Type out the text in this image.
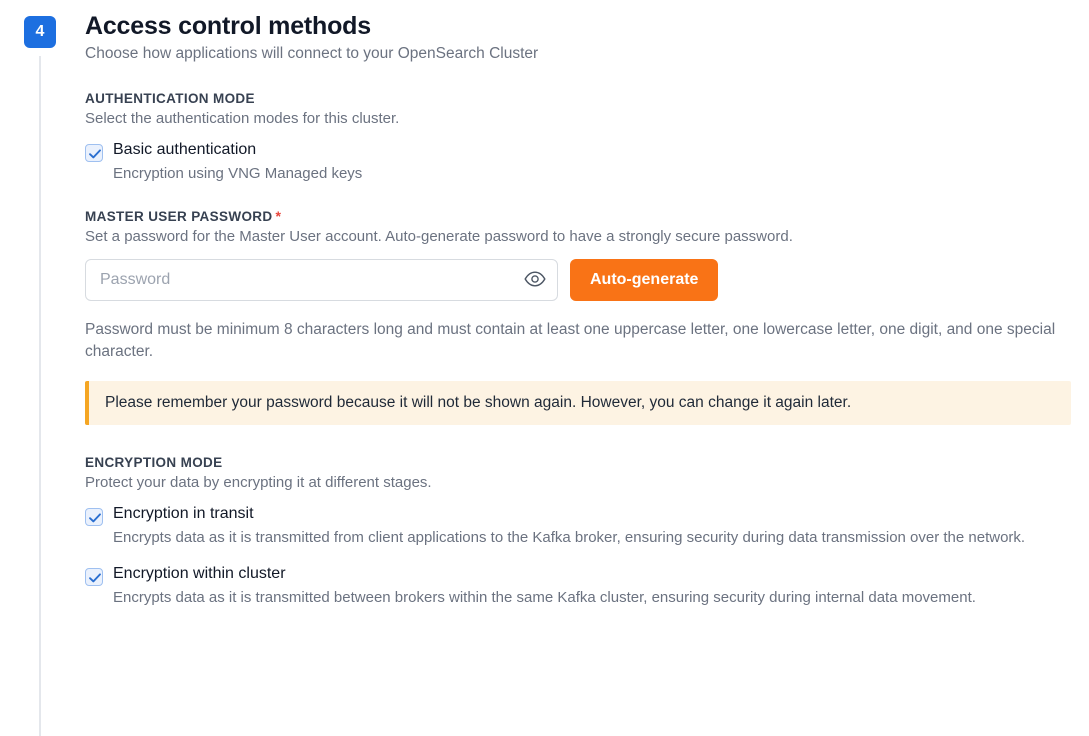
4	Access control methods

Choose how applications will connect to your OpenSearch Cluster

AUTHENTICATION MODE
Select the authentication modes for this cluster.
Basic authentication
Encryption using VNG Managed keys
MASTER USER PASSWORD *
Set a password for the Master User account. Auto-generate password to have a strongly secure password.
Password
Auto-generate

Password must be minimum 8 characters long and must contain at least one uppercase letter, one lowercase letter, one digit, and one special character.

Please remember your password because it will not be shown again. However, you can change it again later.
ENCRYPTION MODE
Protect your data by encrypting it at different stages.
Encryption in transit
Encrypts data as it is transmitted from client applications to the Kafka broker, ensuring security during data transmission over the network.
Encryption within cluster
Encrypts data as it is transmitted between brokers within the same Kafka cluster, ensuring security during internal data movement.
